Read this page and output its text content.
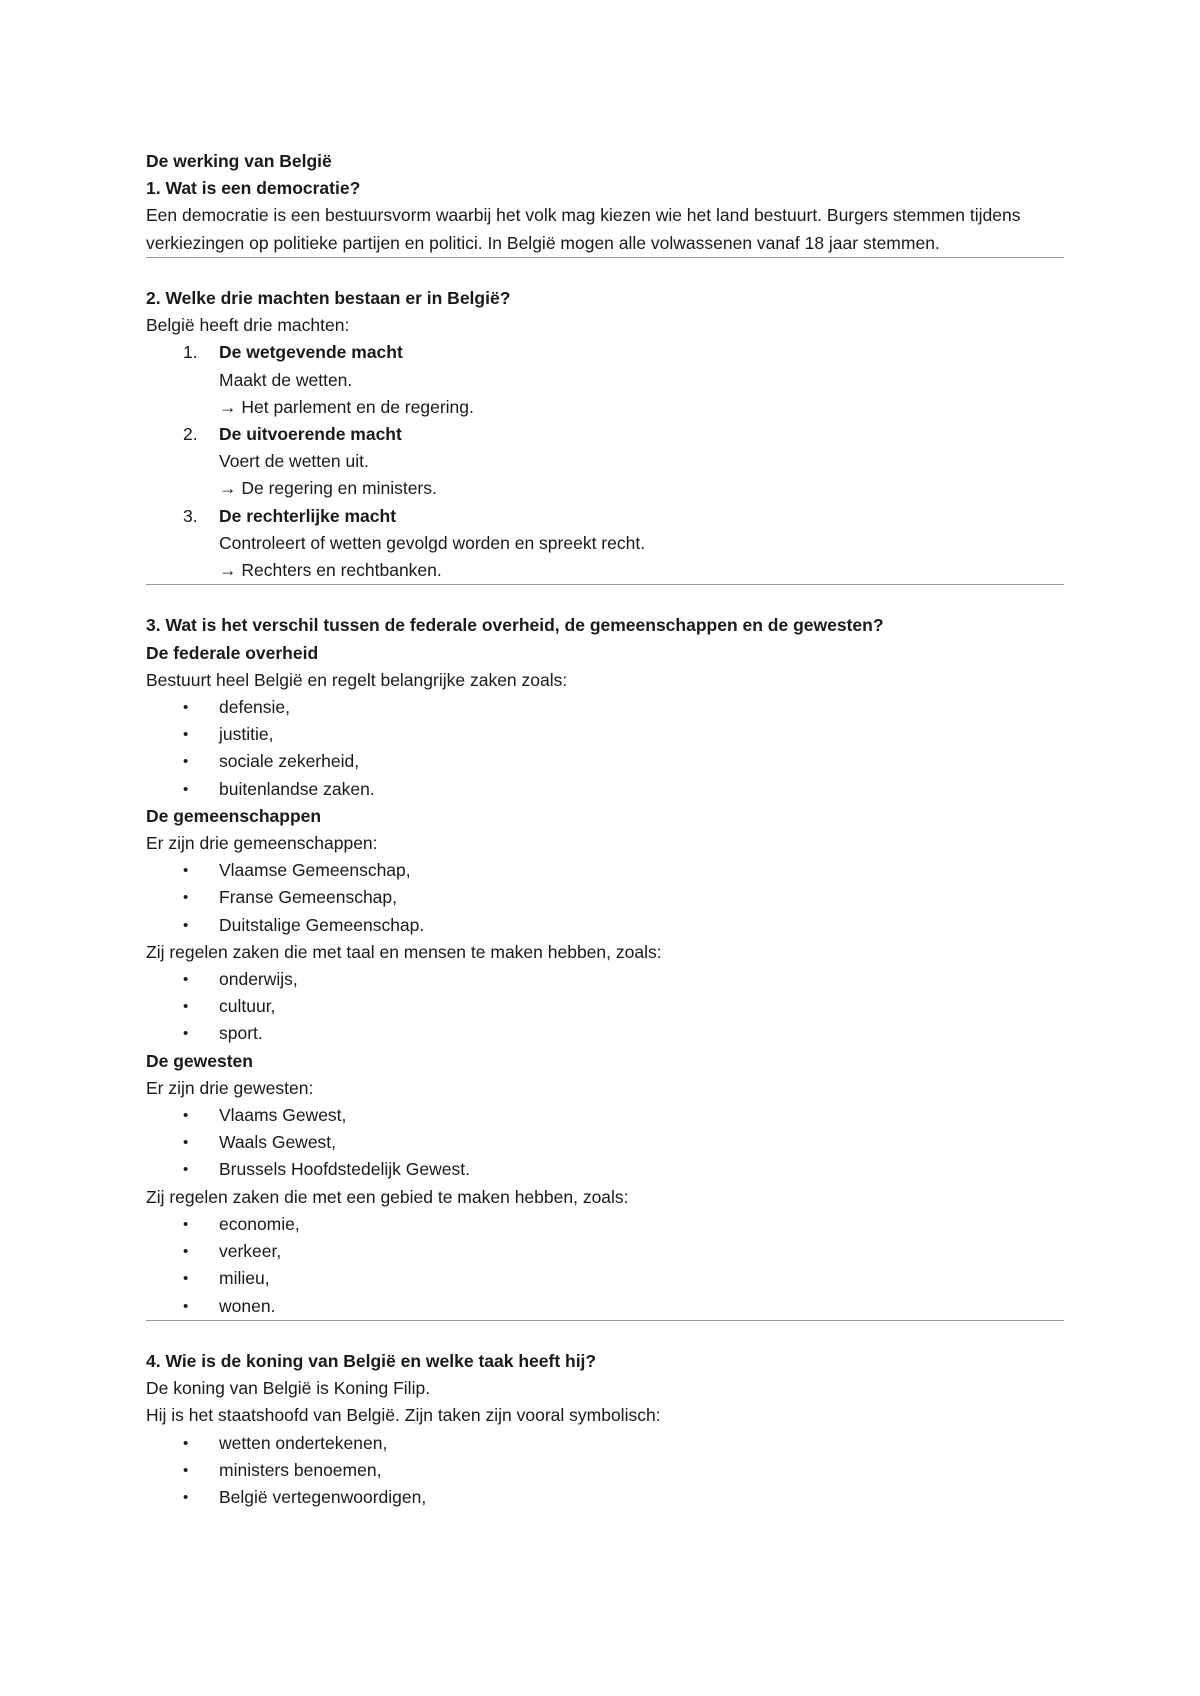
De werking van België
1. Wat is een democratie?
Een democratie is een bestuursvorm waarbij het volk mag kiezen wie het land bestuurt. Burgers stemmen tijdens verkiezingen op politieke partijen en politici. In België mogen alle volwassenen vanaf 18 jaar stemmen.
2. Welke drie machten bestaan er in België?
België heeft drie machten:
1. De wetgevende macht
Maakt de wetten.
→ Het parlement en de regering.
2. De uitvoerende macht
Voert de wetten uit.
→ De regering en ministers.
3. De rechterlijke macht
Controleert of wetten gevolgd worden en spreekt recht.
→ Rechters en rechtbanken.
3. Wat is het verschil tussen de federale overheid, de gemeenschappen en de gewesten?
De federale overheid
Bestuurt heel België en regelt belangrijke zaken zoals:
• defensie,
• justitie,
• sociale zekerheid,
• buitenlandse zaken.
De gemeenschappen
Er zijn drie gemeenschappen:
• Vlaamse Gemeenschap,
• Franse Gemeenschap,
• Duitstalige Gemeenschap.
Zij regelen zaken die met taal en mensen te maken hebben, zoals:
• onderwijs,
• cultuur,
• sport.
De gewesten
Er zijn drie gewesten:
• Vlaams Gewest,
• Waals Gewest,
• Brussels Hoofdstedelijk Gewest.
Zij regelen zaken die met een gebied te maken hebben, zoals:
• economie,
• verkeer,
• milieu,
• wonen.
4. Wie is de koning van België en welke taak heeft hij?
De koning van België is Koning Filip.
Hij is het staatshoofd van België. Zijn taken zijn vooral symbolisch:
• wetten ondertekenen,
• ministers benoemen,
• België vertegenwoordigen,
